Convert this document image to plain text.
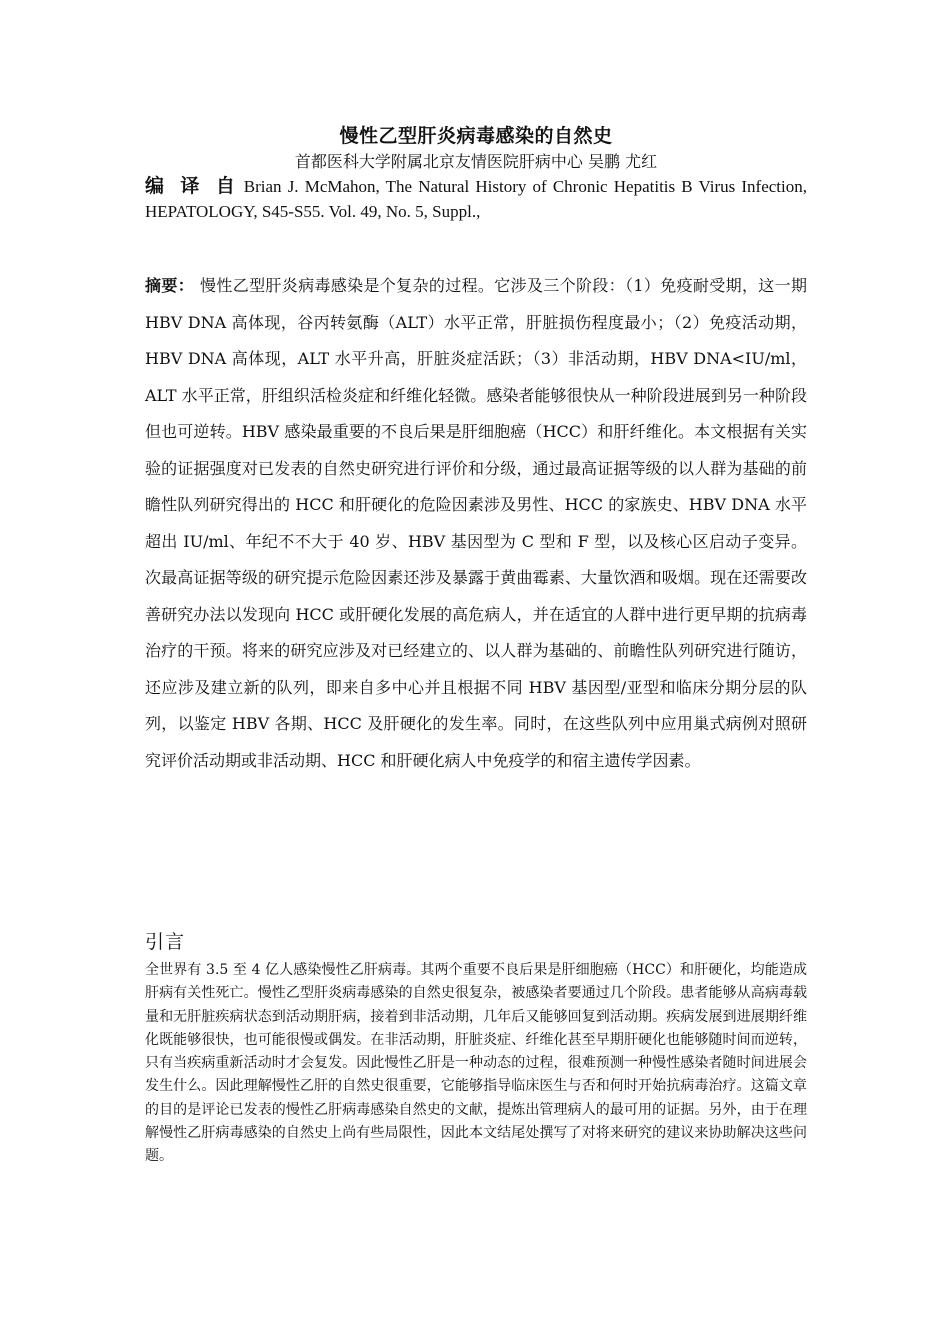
慢性乙型肝炎病毒感染的自然史
首都医科大学附属北京友情医院肝病中心 吴鹏 尤红
编 译 自 Brian J. McMahon, The Natural History of Chronic Hepatitis B Virus Infection, HEPATOLOGY, S45-S55. Vol. 49, No. 5, Suppl.,
摘要： 慢性乙型肝炎病毒感染是个复杂的过程。它涉及三个阶段：（1）免疫耐受期，这一期 HBV DNA 高体现，谷丙转氨酶（ALT）水平正常，肝脏损伤程度最小；（2）免疫活动期，HBV DNA 高体现，ALT 水平升高，肝脏炎症活跃；（3）非活动期，HBV DNA<IU/ml，ALT 水平正常，肝组织活检炎症和纤维化轻微。感染者能够很快从一种阶段进展到另一种阶段但也可逆转。HBV 感染最重要的不良后果是肝细胞癌（HCC）和肝纤维化。本文根据有关实验的证据强度对已发表的自然史研究进行评价和分级，通过最高证据等级的以人群为基础的前瞻性队列研究得出的 HCC 和肝硬化的危险因素涉及男性、HCC 的家族史、HBV DNA 水平超出 IU/ml、年纪不不大于 40 岁、HBV 基因型为 C 型和 F 型，以及核心区启动子变异。次最高证据等级的研究提示危险因素还涉及暴露于黄曲霉素、大量饮酒和吸烟。现在还需要改善研究办法以发现向 HCC 或肝硬化发展的高危病人，并在适宜的人群中进行更早期的抗病毒治疗的干预。将来的研究应涉及对已经建立的、以人群为基础的、前瞻性队列研究进行随访，还应涉及建立新的队列，即来自多中心并且根据不同 HBV 基因型/亚型和临床分期分层的队列，以鉴定 HBV 各期、HCC 及肝硬化的发生率。同时，在这些队列中应用巢式病例对照研究评价活动期或非活动期、HCC 和肝硬化病人中免疫学的和宿主遗传学因素。
引言
全世界有 3.5 至 4 亿人感染慢性乙肝病毒。其两个重要不良后果是肝细胞癌（HCC）和肝硬化，均能造成肝病有关性死亡。慢性乙型肝炎病毒感染的自然史很复杂，被感染者要通过几个阶段。患者能够从高病毒载量和无肝脏疾病状态到活动期肝病，接着到非活动期，几年后又能够回复到活动期。疾病发展到进展期纤维化既能够很快，也可能很慢或偶发。在非活动期，肝脏炎症、纤维化甚至早期肝硬化也能够随时间而逆转，只有当疾病重新活动时才会复发。因此慢性乙肝是一种动态的过程，很难预测一种慢性感染者随时间进展会发生什么。因此理解慢性乙肝的自然史很重要，它能够指导临床医生与否和何时开始抗病毒治疗。这篇文章的目的是评论已发表的慢性乙肝病毒感染自然史的文献，提炼出管理病人的最可用的证据。另外，由于在理解慢性乙肝病毒感染的自然史上尚有些局限性，因此本文结尾处撰写了对将来研究的建议来协助解决这些问题。
